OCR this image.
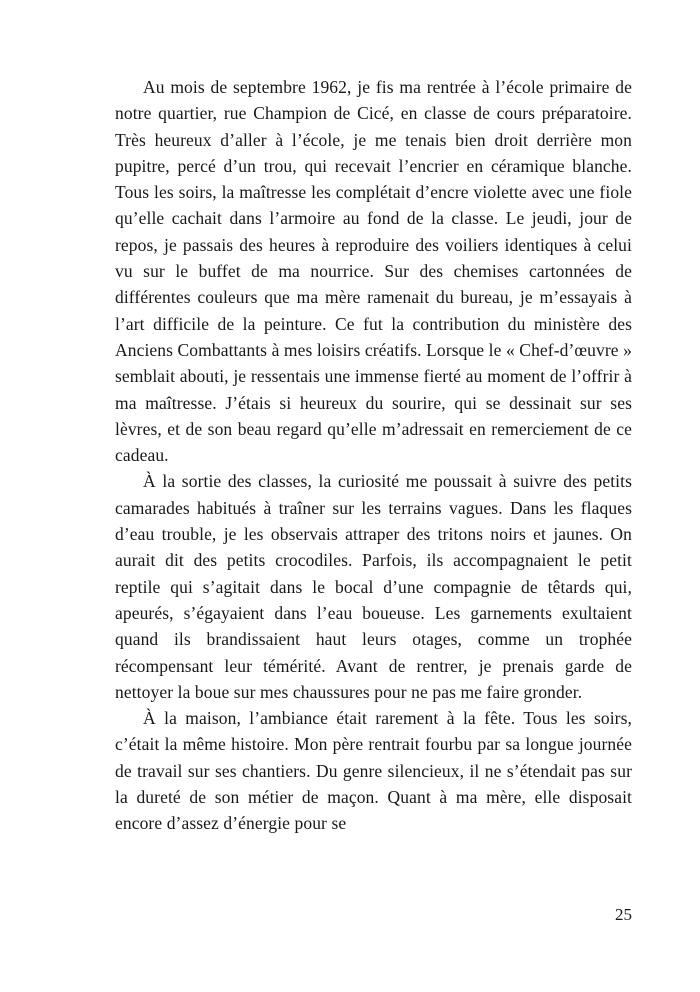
Au mois de septembre 1962, je fis ma rentrée à l’école primaire de notre quartier, rue Champion de Cicé, en classe de cours préparatoire. Très heureux d’aller à l’école, je me tenais bien droit derrière mon pupitre, percé d’un trou, qui recevait l’encrier en céramique blanche. Tous les soirs, la maîtresse les complétait d’encre violette avec une fiole qu’elle cachait dans l’armoire au fond de la classe. Le jeudi, jour de repos, je passais des heures à reproduire des voiliers identiques à celui vu sur le buffet de ma nourrice. Sur des chemises cartonnées de différentes couleurs que ma mère ramenait du bureau, je m’essayais à l’art difficile de la peinture. Ce fut la contribution du ministère des Anciens Combattants à mes loisirs créatifs. Lorsque le « Chef-d’œuvre » semblait abouti, je ressentais une immense fierté au moment de l’offrir à ma maîtresse. J’étais si heureux du sourire, qui se dessinait sur ses lèvres, et de son beau regard qu’elle m’adressait en remerciement de ce cadeau.

À la sortie des classes, la curiosité me poussait à suivre des petits camarades habitués à traîner sur les terrains vagues. Dans les flaques d’eau trouble, je les observais attraper des tritons noirs et jaunes. On aurait dit des petits crocodiles. Parfois, ils accompagnaient le petit reptile qui s’agitait dans le bocal d’une compagnie de têtards qui, apeurés, s’égayaient dans l’eau boueuse. Les garnements exultaient quand ils brandissaient haut leurs otages, comme un trophée récompensant leur témérité. Avant de rentrer, je prenais garde de nettoyer la boue sur mes chaussures pour ne pas me faire gronder.

À la maison, l’ambiance était rarement à la fête. Tous les soirs, c’était la même histoire. Mon père rentrait fourbu par sa longue journée de travail sur ses chantiers. Du genre silencieux, il ne s’étendait pas sur la dureté de son métier de maçon. Quant à ma mère, elle disposait encore d’assez d’énergie pour se

25
